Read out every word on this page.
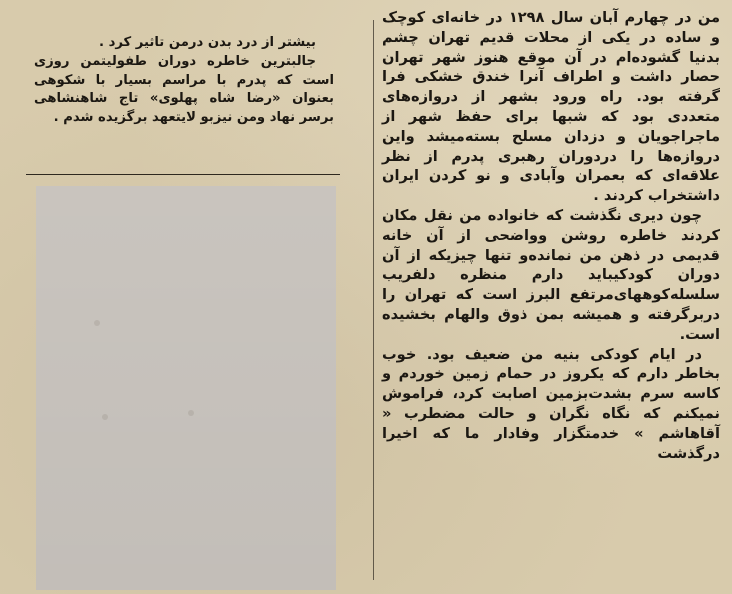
من در چهارم آبان سال ۱۲۹۸ در خانه‌ای کوچک و ساده در یکی از محلات قدیم تهران چشم بدنیا گشوده‌ام در آن موقع هنوز شهر تهران حصار داشت و اطراف آنرا خندق خشکی فرا گرفته بود. راه ورود بشهر از دروازه‌های متعددی بود که شبها برای حفظ شهر از ماجراجویان و دزدان مسلح بسته‌میشد واین دروازه‌ها را دردوران رهبری پدرم از نظر علاقه‌ای که بعمران وآبادی و نو کردن ایران داشتخراب کردند .

چون دیری نگذشت که خانواده من نقل مکان کردند خاطره روشن وواضحی از آن خانه قدیمی در ذهن من نمانده‌و تنها چیزیکه از آن دوران کودکیباید دارم منظره دلفریب سلسله‌کوههای‌مرتفع البرز است که تهران را دربرگرفته و همیشه بمن ذوق والهام بخشیده است.

در ایام کودکی بنیه من ضعیف بود. خوب بخاطر دارم که یکروز در حمام زمین خوردم و کاسه سرم بشدت‌بزمین اصابت کرد، فراموش نمیکنم که نگاه نگران و حالت مضطرب « آقاهاشم » خدمتگزار وفادار ما که اخیرا درگذشت

بیشتر از درد بدن درمن تاثیر کرد .

جالبترین خاطره دوران طفولیتمن روزی است که پدرم با مراسم بسیار با شکوهی بعنوان «رضا شاه پهلوی» تاج شاهنشاهی برسر نهاد ومن نیزبو لایتعهد برگزیده شدم .
